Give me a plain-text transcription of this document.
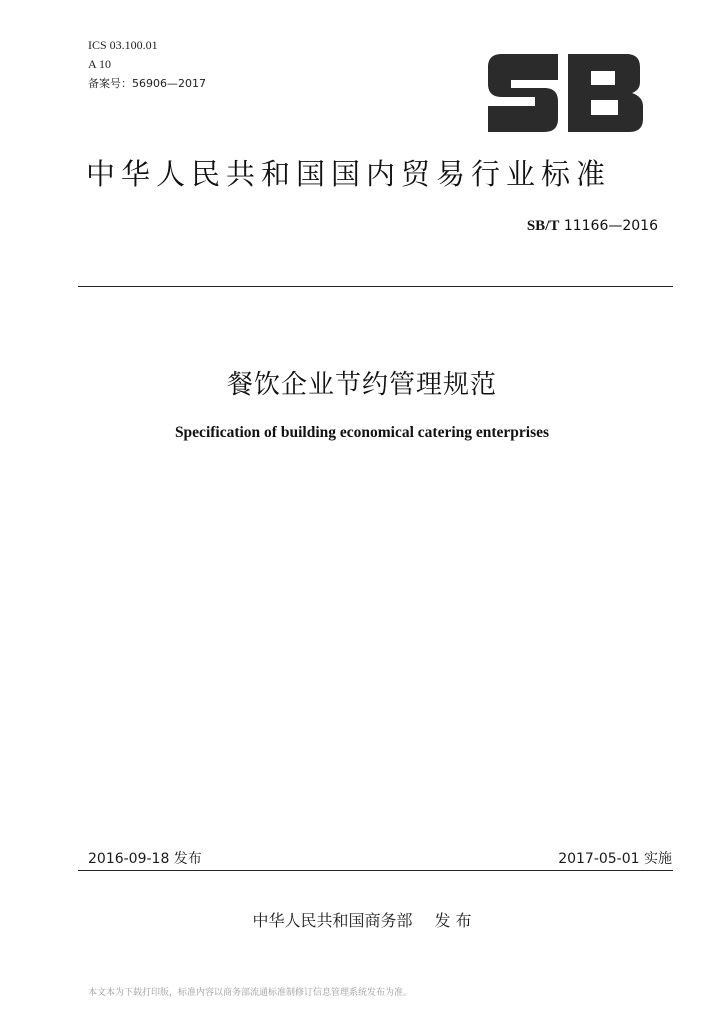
ICS 03.100.01
A 10
备案号：56906—2017
SB
中华人民共和国国内贸易行业标准
SB/T 11166—2016
餐饮企业节约管理规范
Specification of building economical catering enterprises
2016-09-18 发布	2017-05-01 实施
中华人民共和国商务部 发 布
本文本为下载打印版，标准内容以商务部流通标准制修订信息管理系统发布为准。
